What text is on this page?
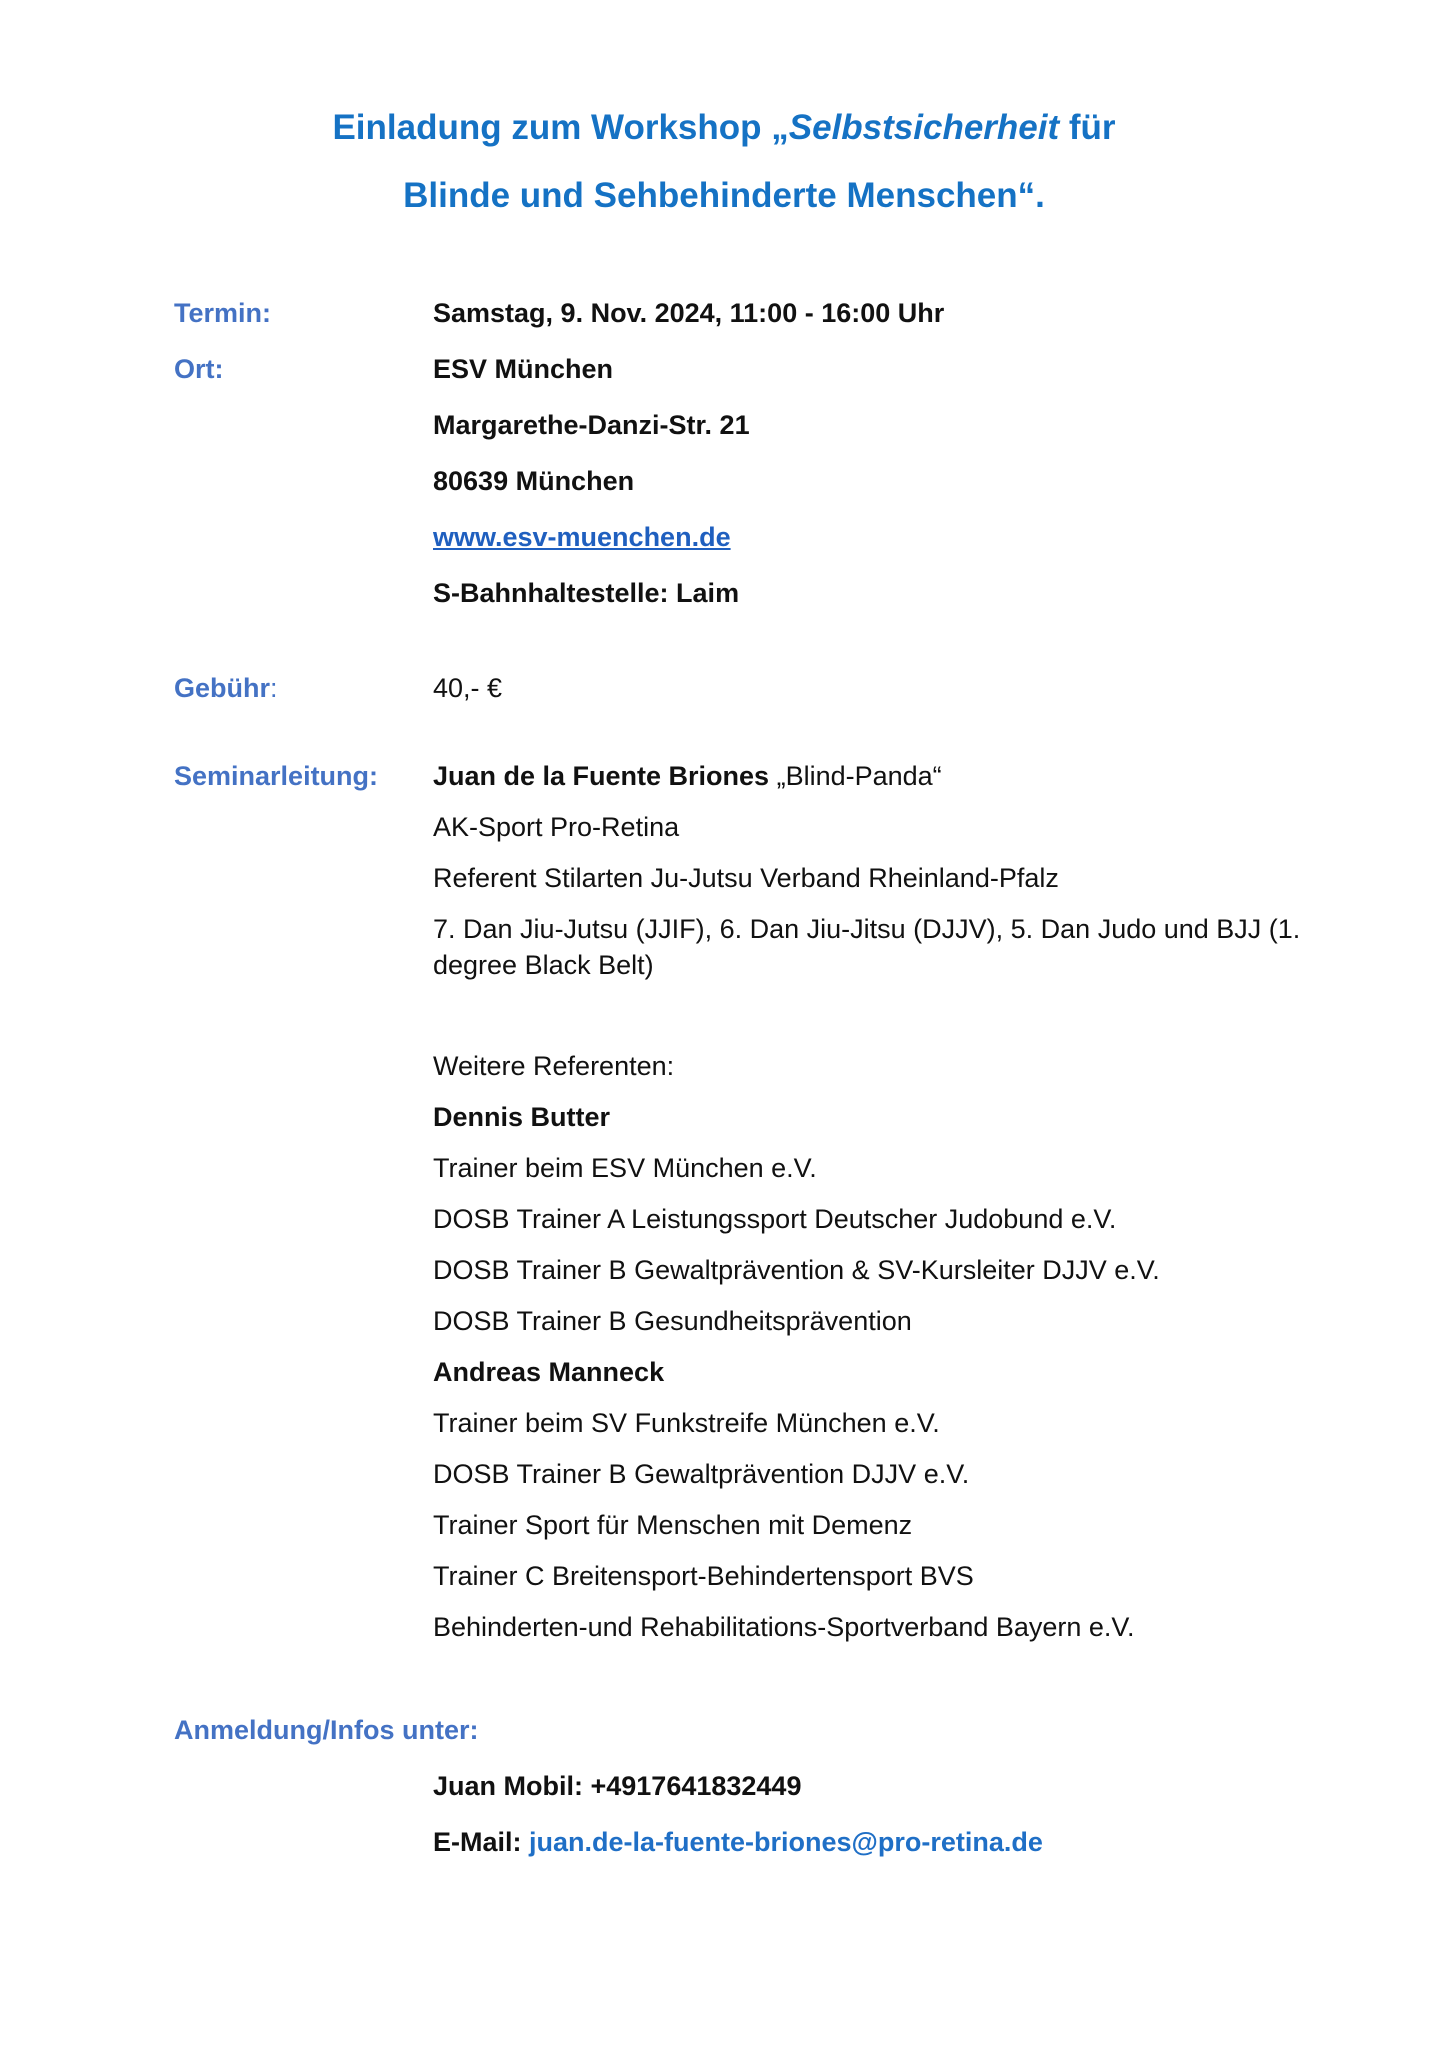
Einladung zum Workshop „Selbstsicherheit für
Blinde und Sehbehinderte Menschen“.
Termin:	Samstag, 9. Nov. 2024, 11:00 - 16:00 Uhr
Ort:	ESV München
Margarethe-Danzi-Str. 21
80639 München
www.esv-muenchen.de
S-Bahnhaltestelle: Laim
Gebühr:	40,- €
Seminarleitung: Juan de la Fuente Briones „Blind-Panda“
AK-Sport Pro-Retina
Referent Stilarten Ju-Jutsu Verband Rheinland-Pfalz
7. Dan Jiu-Jutsu (JJIF), 6. Dan Jiu-Jitsu (DJJV), 5. Dan Judo und BJJ (1. degree Black Belt)
Weitere Referenten:
Dennis Butter
Trainer beim ESV München e.V.
DOSB Trainer A Leistungssport Deutscher Judobund e.V.
DOSB Trainer B Gewaltprävention & SV-Kursleiter DJJV e.V.
DOSB Trainer B Gesundheitsprävention
Andreas Manneck
Trainer beim SV Funkstreife München e.V.
DOSB Trainer B Gewaltprävention DJJV e.V.
Trainer Sport für Menschen mit Demenz
Trainer C Breitensport-Behindertensport BVS
Behinderten-und Rehabilitations-Sportverband Bayern e.V.
Anmeldung/Infos unter:
Juan Mobil: +4917641832449
E-Mail: juan.de-la-fuente-briones@pro-retina.de
